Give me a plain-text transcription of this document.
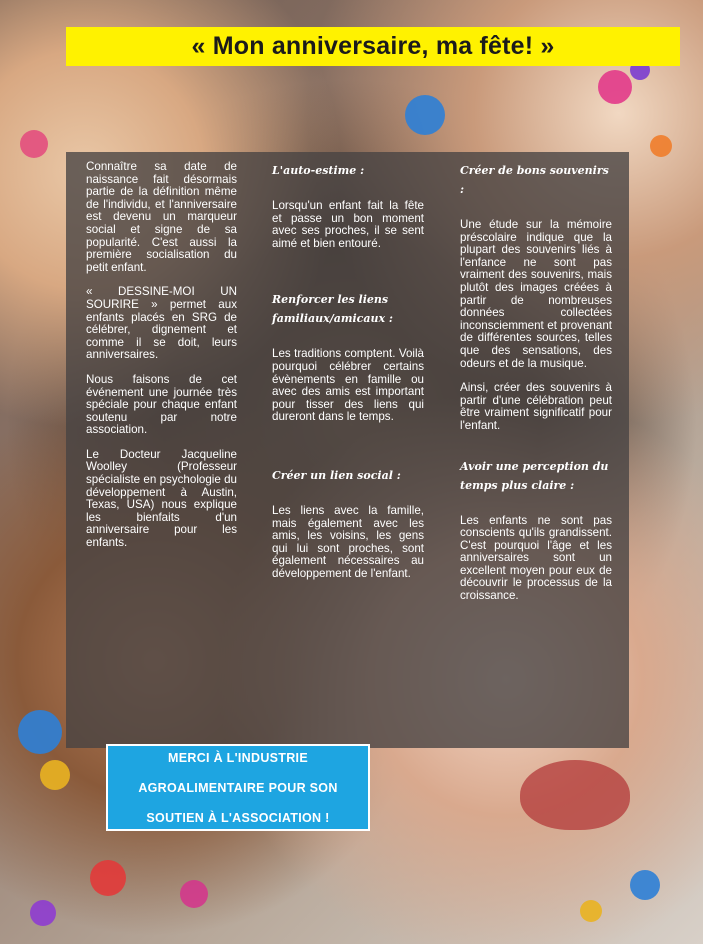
« Mon anniversaire, ma fête! »

Connaître sa date de naissance fait désormais partie de la définition même de l'individu, et l'anniversaire est devenu un marqueur social et signe de sa popularité. C'est aussi la première socialisation du petit enfant.

« DESSINE-MOI UN SOURIRE » permet aux enfants placés en SRG de célébrer, dignement et comme il se doit, leurs anniversaires.

Nous faisons de cet événement une journée très spéciale pour chaque enfant soutenu par notre association.

Le Docteur Jacqueline Woolley (Professeur spécialiste en psychologie du développement à Austin, Texas, USA) nous explique les bienfaits d'un anniversaire pour les enfants.

L'auto-estime :

Lorsqu'un enfant fait la fête et passe un bon moment avec ses proches, il se sent aimé et bien entouré.

Renforcer les liens familiaux/amicaux :

Les traditions comptent. Voilà pourquoi célébrer certains évènements en famille ou avec des amis est important pour tisser des liens qui dureront dans le temps.

Créer un lien social :

Les liens avec la famille, mais également avec les amis, les voisins, les gens qui lui sont proches, sont également nécessaires au développement de l'enfant.

Créer de bons souvenirs :

Une étude sur la mémoire préscolaire indique que la plupart des souvenirs liés à l'enfance ne sont pas vraiment des souvenirs, mais plutôt des images créées à partir de nombreuses données collectées inconsciemment et provenant de différentes sources, telles que des sensations, des odeurs et de la musique.

Ainsi, créer des souvenirs à partir d'une célébration peut être vraiment significatif pour l'enfant.

Avoir une perception du temps plus claire :

Les enfants ne sont pas conscients qu'ils grandissent. C'est pourquoi l'âge et les anniversaires sont un excellent moyen pour eux de découvrir le processus de la croissance.

MERCI À L'INDUSTRIE AGROALIMENTAIRE POUR SON SOUTIEN À L'ASSOCIATION !
